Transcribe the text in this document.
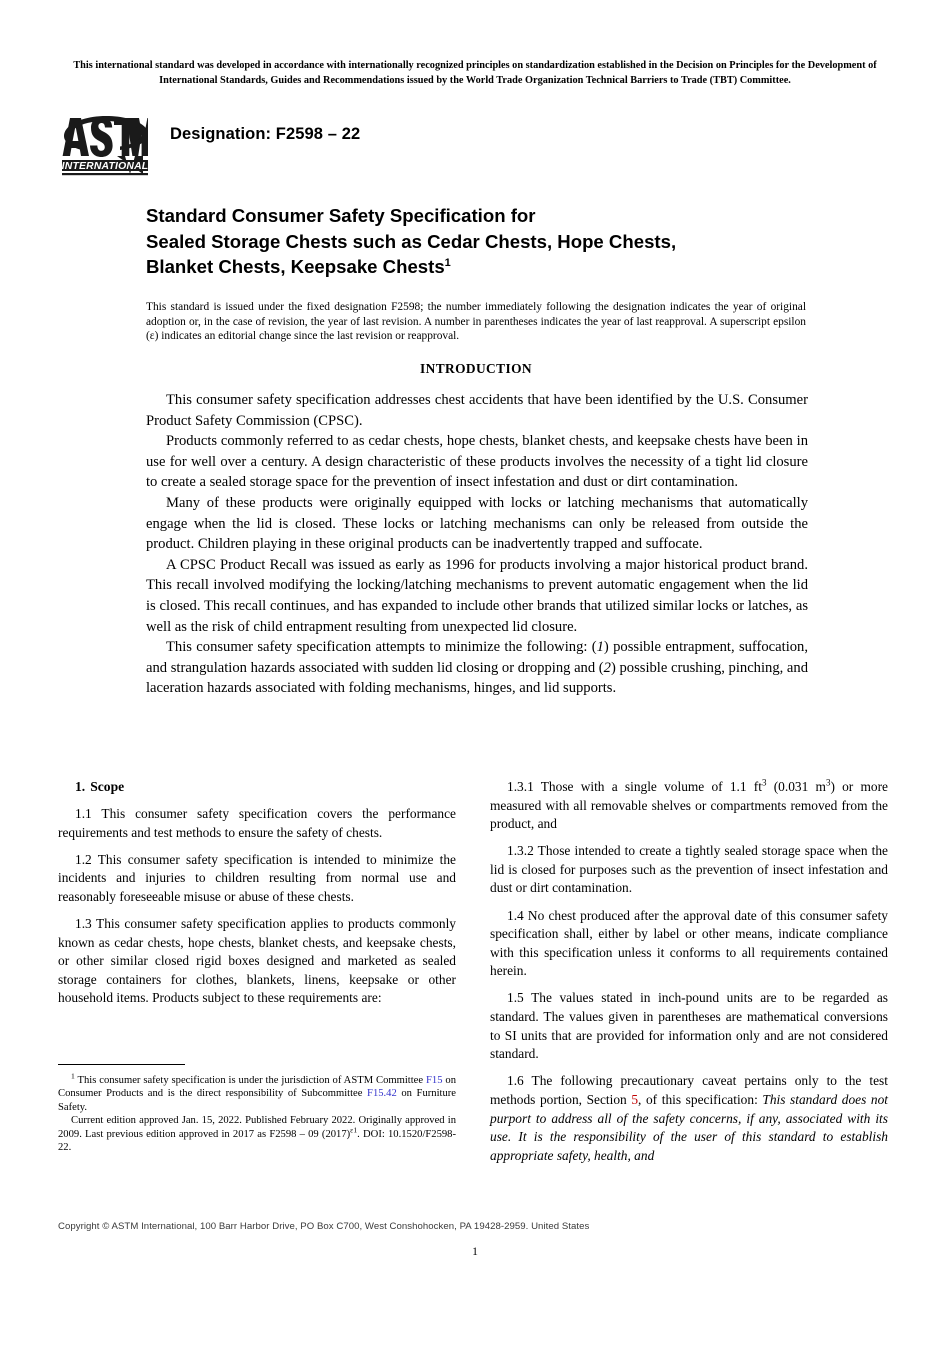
This international standard was developed in accordance with internationally recognized principles on standardization established in the Decision on Principles for the Development of International Standards, Guides and Recommendations issued by the World Trade Organization Technical Barriers to Trade (TBT) Committee.
INTERNATIONAL
Designation: F2598 – 22
Standard Consumer Safety Specification for
Sealed Storage Chests such as Cedar Chests, Hope Chests,
Blanket Chests, Keepsake Chests$^1$
This standard is issued under the fixed designation F2598; the number immediately following the designation indicates the year of original adoption or, in the case of revision, the year of last revision. A number in parentheses indicates the year of last reapproval. A superscript epsilon (ε) indicates an editorial change since the last revision or reapproval.
INTRODUCTION

This consumer safety specification addresses chest accidents that have been identified by the U.S. Consumer Product Safety Commission (CPSC).

Products commonly referred to as cedar chests, hope chests, blanket chests, and keepsake chests have been in use for well over a century. A design characteristic of these products involves the necessity of a tight lid closure to create a sealed storage space for the prevention of insect infestation and dust or dirt contamination.

Many of these products were originally equipped with locks or latching mechanisms that automatically engage when the lid is closed. These locks or latching mechanisms can only be released from outside the product. Children playing in these original products can be inadvertently trapped and suffocate.

A CPSC Product Recall was issued as early as 1996 for products involving a major historical product brand. This recall involved modifying the locking/latching mechanisms to prevent automatic engagement when the lid is closed. This recall continues, and has expanded to include other brands that utilized similar locks or latches, as well as the risk of child entrapment resulting from unexpected lid closure.

This consumer safety specification attempts to minimize the following: (1) possible entrapment, suffocation, and strangulation hazards associated with sudden lid closing or dropping and (2) possible crushing, pinching, and laceration hazards associated with folding mechanisms, hinges, and lid supports.

1. Scope

1.1 This consumer safety specification covers the performance requirements and test methods to ensure the safety of chests.

1.2 This consumer safety specification is intended to minimize the incidents and injuries to children resulting from normal use and reasonably foreseeable misuse or abuse of these chests.

1.3 This consumer safety specification applies to products commonly known as cedar chests, hope chests, blanket chests, and keepsake chests, or other similar closed rigid boxes designed and marketed as sealed storage containers for clothes, blankets, linens, keepsake or other household items. Products subject to these requirements are:

$^1$ This consumer safety specification is under the jurisdiction of ASTM Committee F15 on Consumer Products and is the direct responsibility of Subcommittee F15.42 on Furniture Safety.

Current edition approved Jan. 15, 2022. Published February 2022. Originally approved in 2009. Last previous edition approved in 2017 as F2598 – 09 $(2017)^{\varepsilon 1}$. DOI: 10.1520/F2598-22.

1.3.1 Those with a single volume of 1.1 $ft^3$ (0.031 $m^3$) or more measured with all removable shelves or compartments removed from the product, and

1.3.2 Those intended to create a tightly sealed storage space when the lid is closed for purposes such as the prevention of insect infestation and dust or dirt contamination.

1.4 No chest produced after the approval date of this consumer safety specification shall, either by label or other means, indicate compliance with this specification unless it conforms to all requirements contained herein.

1.5 The values stated in inch-pound units are to be regarded as standard. The values given in parentheses are mathematical conversions to SI units that are provided for information only and are not considered standard.

1.6 The following precautionary caveat pertains only to the test methods portion, Section 5, of this specification: This standard does not purport to address all of the safety concerns, if any, associated with its use. It is the responsibility of the user of this standard to establish appropriate safety, health, and

Copyright © ASTM International, 100 Barr Harbor Drive, PO Box C700, West Conshohocken, PA 19428-2959. United States
1
